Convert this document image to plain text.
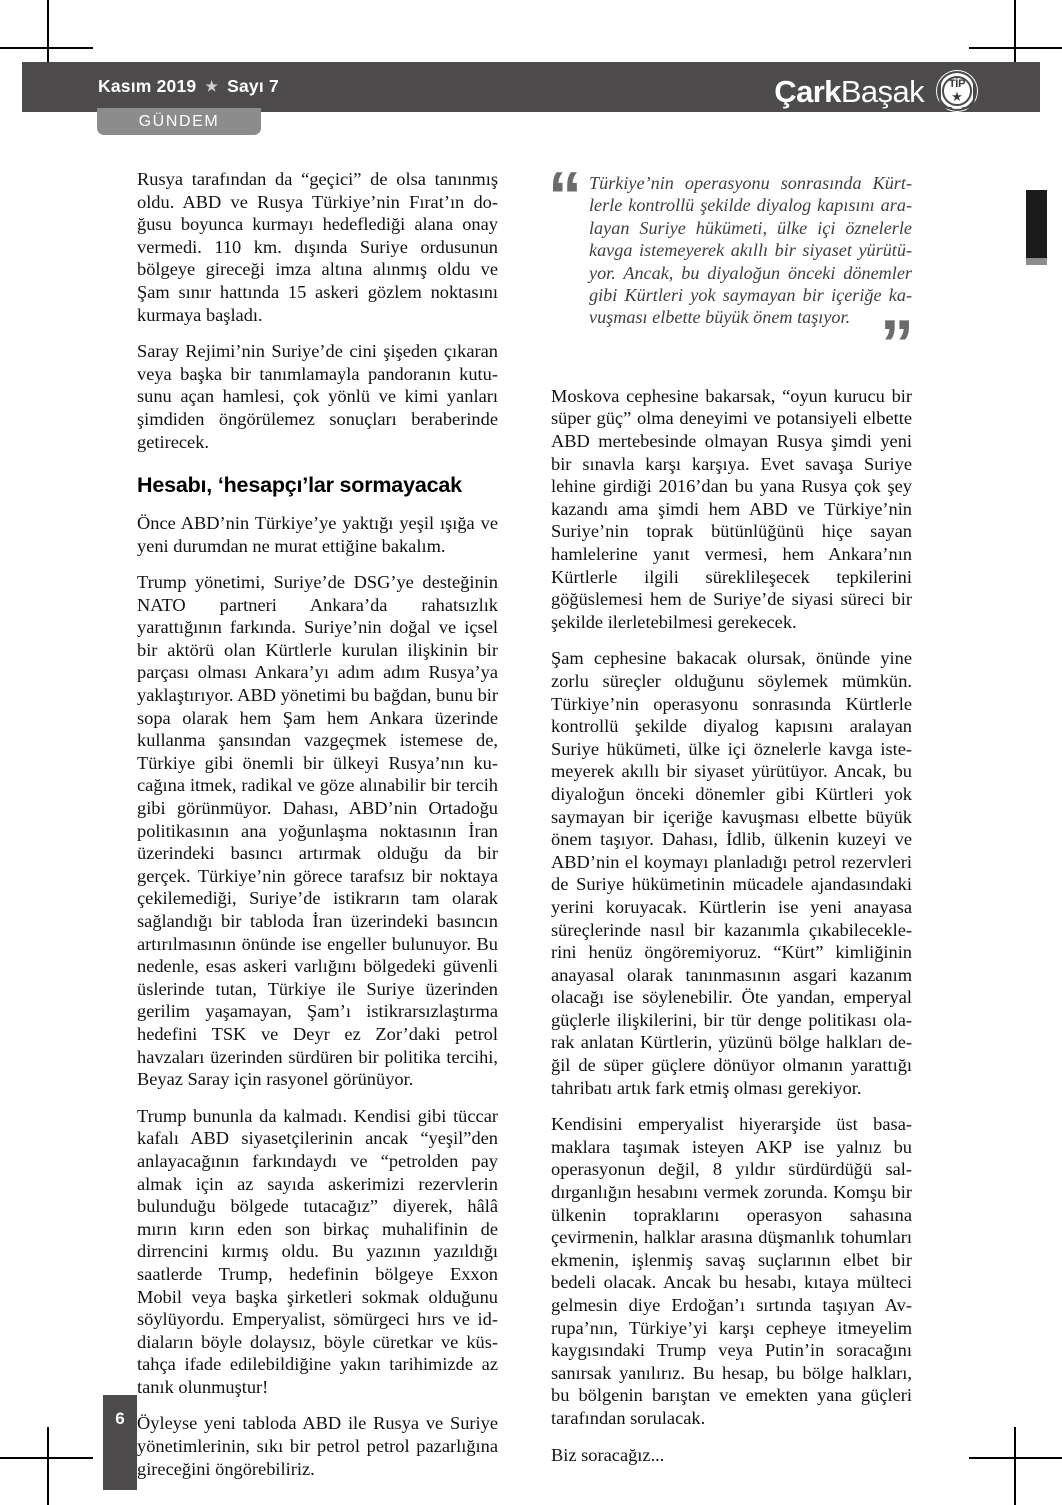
Kasım 2019 ★ Sayı 7	ÇarkBaşak	TİP
★
GÜNDEM

Rusya tarafından da “geçici” de olsa tanınmış oldu. ABD ve Rusya Türkiye’nin Fırat’ın doğusu boyunca kurmayı hedeflediği alana onay vermedi. 110 km. dışında Suriye ordusunun bölgeye gireceği imza altına alınmış oldu ve Şam sınır hattında 15 askeri gözlem noktasını kurmaya başladı.

Saray Rejimi’nin Suriye’de cini şişeden çıkaran veya başka bir tanımlamayla pandoranın kutusunu açan hamlesi, çok yönlü ve kimi yanları şimdiden öngörülemez sonuçları beraberinde getirecek.

Hesabı, ‘hesapçı’lar sormayacak

Önce ABD’nin Türkiye’ye yaktığı yeşil ışığa ve yeni durumdan ne murat ettiğine bakalım.

Trump yönetimi, Suriye’de DSG’ye desteğinin NATO partneri Ankara’da rahatsızlık yarattığının farkında. Suriye’nin doğal ve içsel bir aktörü olan Kürtlerle kurulan ilişkinin bir parçası olması Ankara’yı adım adım Rusya’ya yaklaştırıyor. ABD yönetimi bu bağdan, bunu bir sopa olarak hem Şam hem Ankara üzerinde kullanma şansından vazgeçmek istemese de, Türkiye gibi önemli bir ülkeyi Rusya’nın kucağına itmek, radikal ve göze alınabilir bir tercih gibi görünmüyor. Dahası, ABD’nin Ortadoğu politikasının ana yoğunlaşma noktasının İran üzerindeki basıncı artırmak olduğu da bir gerçek. Türkiye’nin görece tarafsız bir noktaya çekilemediği, Suriye’de istikrarın tam olarak sağlandığı bir tabloda İran üzerindeki basıncın artırılmasının önünde ise engeller bulunuyor. Bu nedenle, esas askeri varlığını bölgedeki güvenli üslerinde tutan, Türkiye ile Suriye üzerinden gerilim yaşamayan, Şam’ı istikrarsızlaştırma hedefini TSK ve Deyr ez Zor’daki petrol havzaları üzerinden sürdüren bir politika tercihi, Beyaz Saray için rasyonel görünüyor.

Trump bununla da kalmadı. Kendisi gibi tüccar kafalı ABD siyasetçilerinin ancak “yeşil”den anlayacağının farkındaydı ve “petrolden pay almak için az sayıda askerimizi rezervlerin bulunduğu bölgede tutacağız” diyerek, hâlâ mırın kırın eden son birkaç muhalifinin de dirrencini kırmış oldu. Bu yazının yazıldığı saatlerde Trump, hedefinin bölgeye Exxon Mobil veya başka şirketleri sokmak olduğunu söylüyordu. Emperyalist, sömürgeci hırs ve iddiaların böyle dolaysız, böyle cüretkar ve küstahça ifade edilebildiğine yakın tarihimizde az tanık olunmuştur!

Öyleyse yeni tabloda ABD ile Rusya ve Suriye yönetimlerinin, sıkı bir petrol petrol pazarlığına gireceğini öngörebiliriz.

“ Türkiye’nin operasyonu sonrasında Kürtlerle kontrollü şekilde diyalog kapısını aralayan Suriye hükümeti, ülke içi öznelerle kavga istemeyerek akıllı bir siyaset yürütüyor. Ancak, bu diyaloğun önceki dönemler gibi Kürtleri yok saymayan bir içeriğe kavuşması elbette büyük önem taşıyor. ”

Moskova cephesine bakarsak, “oyun kurucu bir süper güç” olma deneyimi ve potansiyeli elbette ABD mertebesinde olmayan Rusya şimdi yeni bir sınavla karşı karşıya. Evet savaşa Suriye lehine girdiği 2016’dan bu yana Rusya çok şey kazandı ama şimdi hem ABD ve Türkiye’nin Suriye’nin toprak bütünlüğünü hiçe sayan hamlelerine yanıt vermesi, hem Ankara’nın Kürtlerle ilgili süreklileşecek tepkilerini göğüslemesi hem de Suriye’de siyasi süreci bir şekilde ilerletebilmesi gerekecek.

Şam cephesine bakacak olursak, önünde yine zorlu süreçler olduğunu söylemek mümkün. Türkiye’nin operasyonu sonrasında Kürtlerle kontrollü şekilde diyalog kapısını aralayan Suriye hükümeti, ülke içi öznelerle kavga istemeyerek akıllı bir siyaset yürütüyor. Ancak, bu diyaloğun önceki dönemler gibi Kürtleri yok saymayan bir içeriğe kavuşması elbette büyük önem taşıyor. Dahası, İdlib, ülkenin kuzeyi ve ABD’nin el koymayı planladığı petrol rezervleri de Suriye hükümetinin mücadele ajandasındaki yerini koruyacak. Kürtlerin ise yeni anayasa süreçlerinde nasıl bir kazanımla çıkabileceklerini henüz öngöremiyoruz. “Kürt” kimliğinin anayasal olarak tanınmasının asgari kazanım olacağı ise söylenebilir. Öte yandan, emperyal güçlerle ilişkilerini, bir tür denge politikası olarak anlatan Kürtlerin, yüzünü bölge halkları değil de süper güçlere dönüyor olmanın yarattığı tahribatı artık fark etmiş olması gerekiyor.

Kendisini emperyalist hiyerarşide üst basamaklara taşımak isteyen AKP ise yalnız bu operasyonun değil, 8 yıldır sürdürdüğü saldırganlığın hesabını vermek zorunda. Komşu bir ülkenin topraklarını operasyon sahasına çevirmenin, halklar arasına düşmanlık tohumları ekmenin, işlenmiş savaş suçlarının elbet bir bedeli olacak. Ancak bu hesabı, kıtaya mülteci gelmesin diye Erdoğan’ı sırtında taşıyan Avrupa’nın, Türkiye’yi karşı cepheye itmeyelim kaygısındaki Trump veya Putin’in soracağını sanırsak yanılırız. Bu hesap, bu bölge halkları, bu bölgenin barıştan ve emekten yana güçleri tarafından sorulacak.

Biz soracağız...

6
